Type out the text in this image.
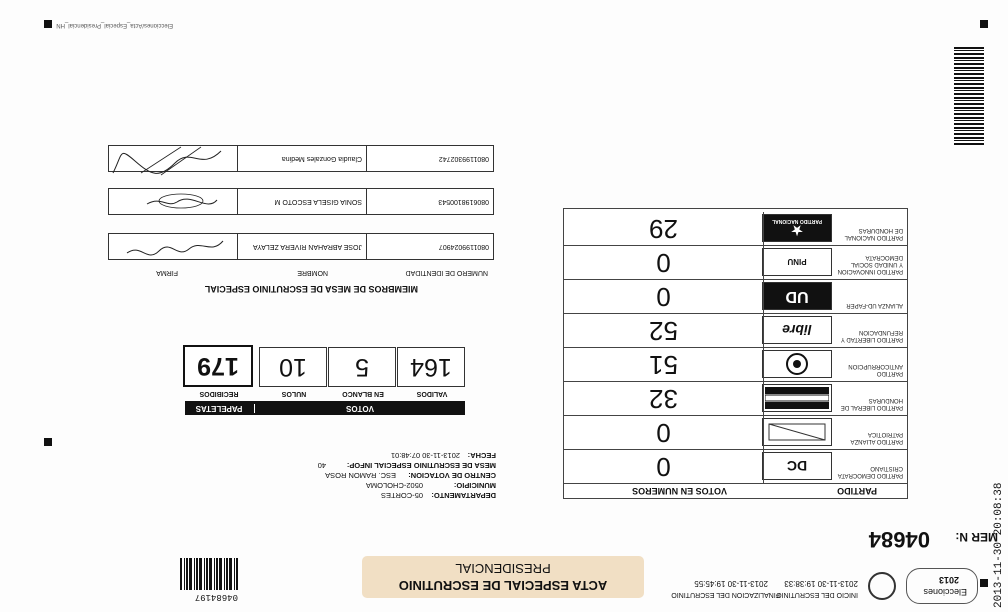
2013-11-30 20:08:38
Elecciones
2013
INICIO DEL ESCRUTINIO
2013-11-30 19:38:33
FINALIZACION DEL ESCRUTINIO
2013-11-30 19:45:55
ACTA ESPECIAL DE ESCRUTINIO
PRESIDENCIAL
04684197
MER N:
04684
PARTIDO
VOTOS EN NUMEROS
PARTIDO DEMOCRATA CRISTIANO
DC
0
PARTIDO ALIANZA PATRIOTICA
0
PARTIDO LIBERAL DE HONDURAS
32
PARTIDO ANTICORRUPCION
51
PARTIDO LIBERTAD Y REFUNDACION
libre
52
ALIANZA UD-FAPER
UD
0
PARTIDO INNOVACION Y UNIDAD SOCIAL DEMOCRATA
PINU
0
PARTIDO NACIONAL DE HONDURAS
★
PARTIDO NACIONAL
29
DEPARTAMENTO:
05-CORTES
MUNICIPIO:
0502-CHOLOMA
CENTRO DE VOTACION:
ESC. RAMON ROSA
MESA DE ESCRUTINIO ESPECIAL INFOP:
40
FECHA:
2013-11-30 07:48:01
VOTOS
PAPELETAS
VALIDOS
164
EN BLANCO
5
NULOS
10
RECIBIDOS
179
MIEMBROS DE MESA DE ESCRUTINIO ESPECIAL
NUMERO DE IDENTIDAD
NOMBRE
FIRMA
0801199024907
JOSE ABRAHAN RIVERA ZELAYA
0806198100543
SONIA GISELA ESCOTO M
0801199302742
Claudia Gonzales Medina
Elecciones/Acta_Especial_Presidencial_HN
